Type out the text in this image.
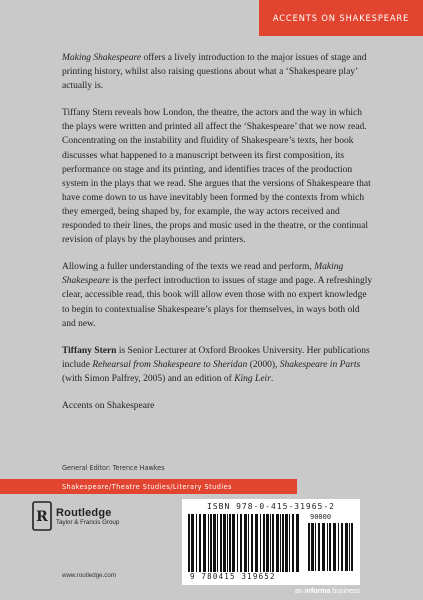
ACCENTS ON SHAKESPEARE

Making Shakespeare offers a lively introduction to the major issues of stage and printing history, whilst also raising questions about what a ‘Shakespeare play’ actually is.

Tiffany Stern reveals how London, the theatre, the actors and the way in which the plays were written and printed all affect the ‘Shakespeare’ that we now read. Concentrating on the instability and fluidity of Shakespeare’s texts, her book discusses what happened to a manuscript between its first composition, its performance on stage and its printing, and identifies traces of the production system in the plays that we read. She argues that the versions of Shakespeare that have come down to us have inevitably been formed by the contexts from which they emerged, being shaped by, for example, the way actors received and responded to their lines, the props and music used in the theatre, or the continual revision of plays by the playhouses and printers.

Allowing a fuller understanding of the texts we read and perform, Making Shakespeare is the perfect introduction to issues of stage and page. A refreshingly clear, accessible read, this book will allow even those with no expert knowledge to begin to contextualise Shakespeare’s plays for themselves, in ways both old and new.

Tiffany Stern is Senior Lecturer at Oxford Brookes University. Her publications include Rehearsal from Shakespeare to Sheridan (2000), Shakespeare in Parts (with Simon Palfrey, 2005) and an edition of King Leir.

Accents on Shakespeare

General Editor: Terence Hawkes
Shakespeare/Theatre Studies/Literary Studies
R Routledge
Taylor & Francis Group
www.routledge.com
ISBN 978-0-415-31965-2
90000
9 780415 319652
an informa business
